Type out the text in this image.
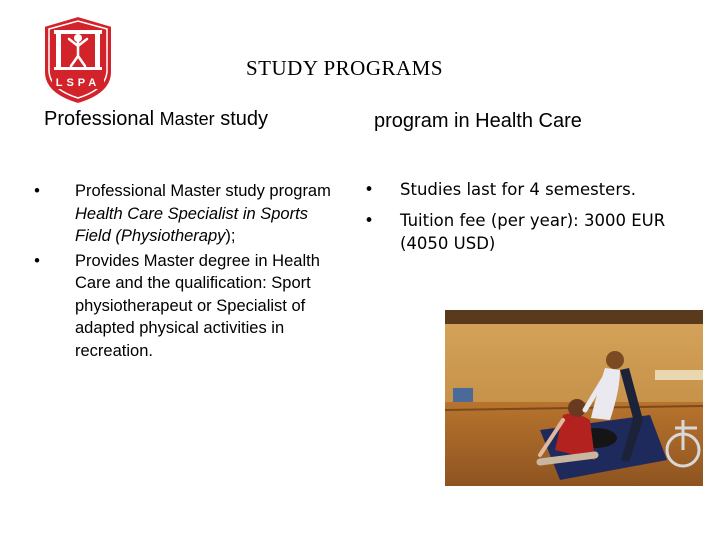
LSPA
STUDY PROGRAMS
Professional Master study	program in Health Care
• Professional Master study program Health Care Specialist in Sports Field (Physiotherapy);
• Provides Master degree in Health Care and the qualification: Sport physiotherapeut or Specialist of adapted physical activities in recreation.
• Studies last for 4 semesters.
• Tuition fee (per year): 3000 EUR (4050 USD)
